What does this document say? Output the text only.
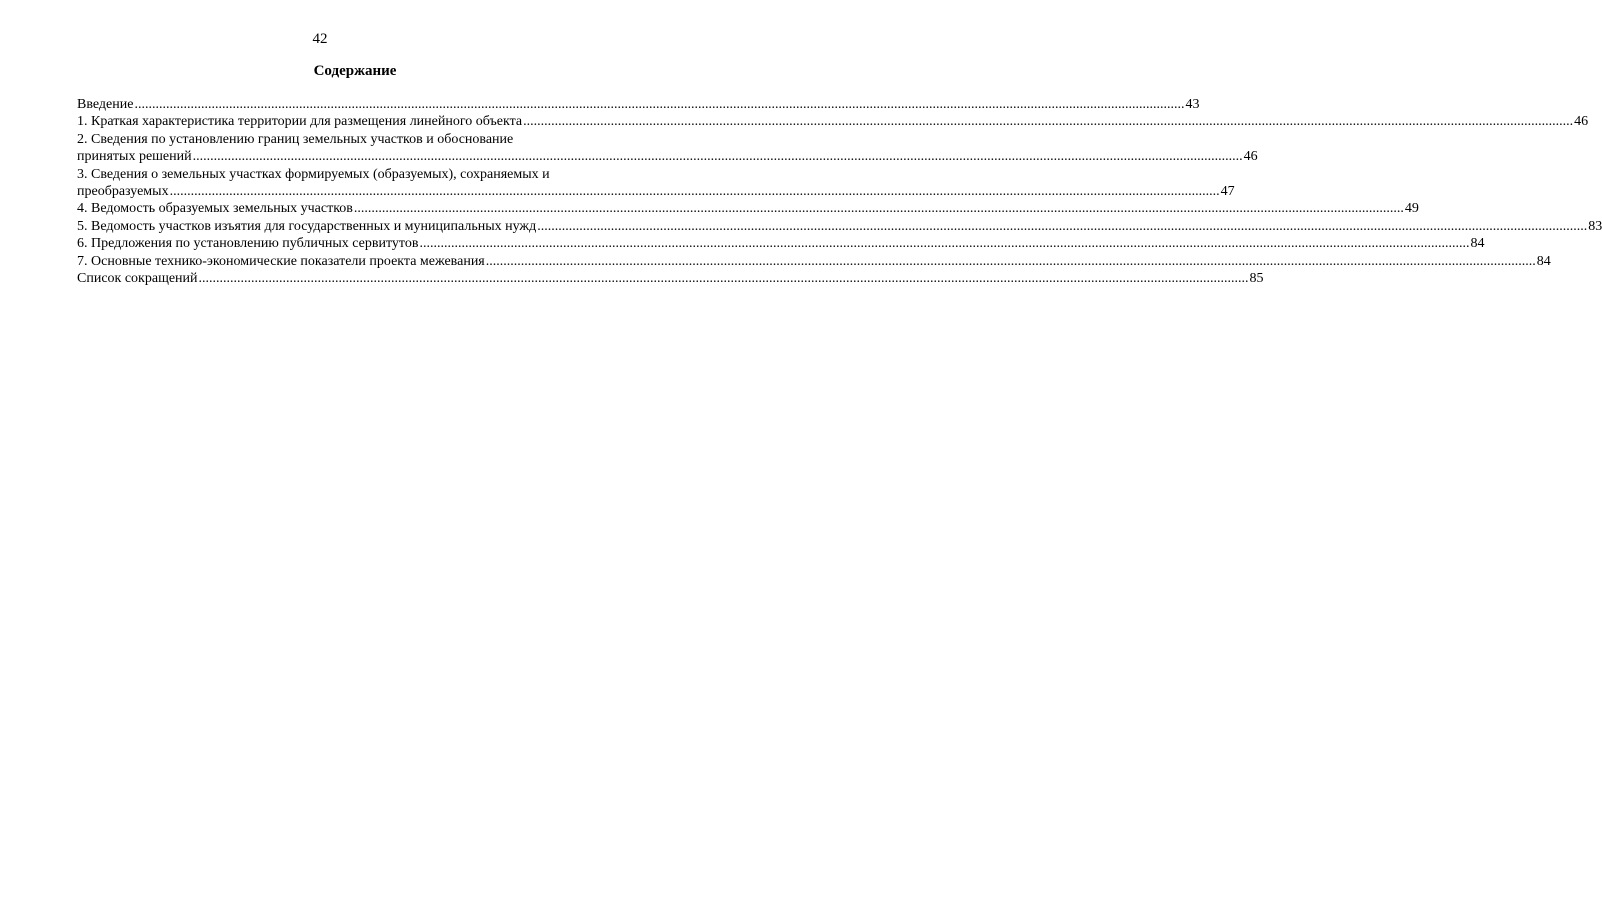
42
Содержание
Введение ............................................................................................................................................................................................................................................................................................................ 43
1. Краткая характеристика территории для размещения линейного объекта ............................................................................................................................................................................................................................................................................................................ 46
2. Сведения по установлению границ земельных участков и обоснование
принятых решений ............................................................................................................................................................................................................................................................................................................ 46
3. Сведения о земельных участках формируемых (образуемых), сохраняемых и
преобразуемых ............................................................................................................................................................................................................................................................................................................ 47
4. Ведомость образуемых земельных участков ............................................................................................................................................................................................................................................................................................................ 49
5. Ведомость участков изъятия для государственных и муниципальных нужд ............................................................................................................................................................................................................................................................................................................ 83
6. Предложения по установлению публичных сервитутов ............................................................................................................................................................................................................................................................................................................ 84
7. Основные технико-экономические показатели проекта межевания ............................................................................................................................................................................................................................................................................................................ 84
Список сокращений ............................................................................................................................................................................................................................................................................................................ 85
